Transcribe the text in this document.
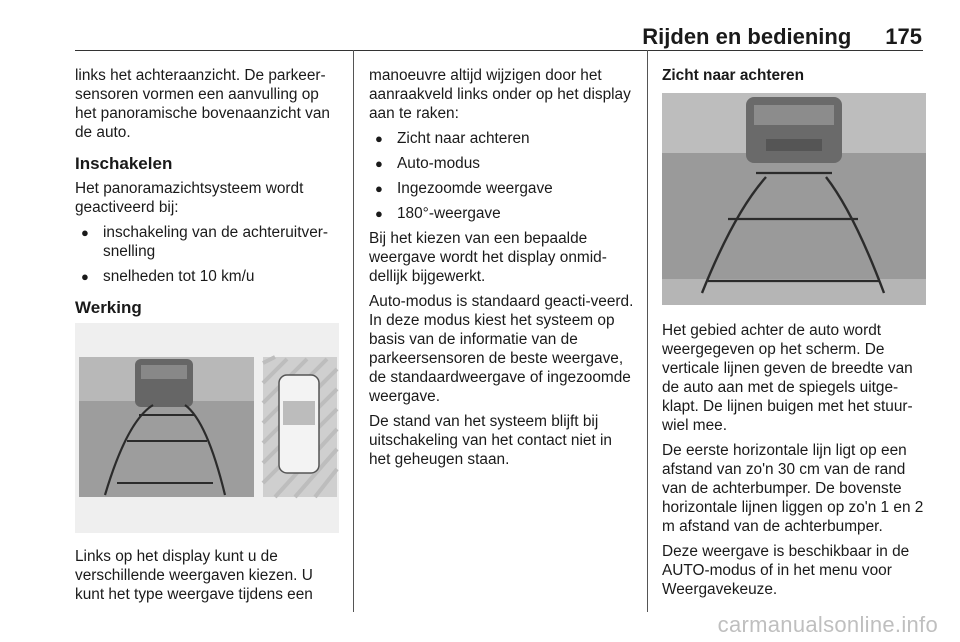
Rijden en bediening 175

links het achteraanzicht. De parkeer-sensoren vormen een aanvulling op het panoramische bovenaanzicht van de auto.

Inschakelen

Het panoramazichtsysteem wordt geactiveerd bij:

● inschakeling van de achteruitver-snelling
● snelheden tot 10 km/u
Werking

Links op het display kunt u de verschillende weergaven kiezen. U kunt het type weergave tijdens een

manoeuvre altijd wijzigen door het aanraakveld links onder op het display aan te raken:

● Zicht naar achteren
● Auto-modus
● Ingezoomde weergave
● 180°-weergave

Bij het kiezen van een bepaalde weergave wordt het display onmid-dellijk bijgewerkt.

Auto-modus is standaard geacti-veerd. In deze modus kiest het systeem op basis van de informatie van de parkeersensoren de beste weergave, de standaardweergave of ingezoomde weergave.

De stand van het systeem blijft bij uitschakeling van het contact niet in het geheugen staan.

Zicht naar achteren

Het gebied achter de auto wordt weergegeven op het scherm. De verticale lijnen geven de breedte van de auto aan met de spiegels uitge-klapt. De lijnen buigen met het stuur-wiel mee.

De eerste horizontale lijn ligt op een afstand van zo'n 30 cm van de rand van de achterbumper. De bovenste horizontale lijnen liggen op zo'n 1 en 2 m afstand van de achterbumper.

Deze weergave is beschikbaar in de AUTO-modus of in het menu voor Weergavekeuze.

carmanualsonline.info
